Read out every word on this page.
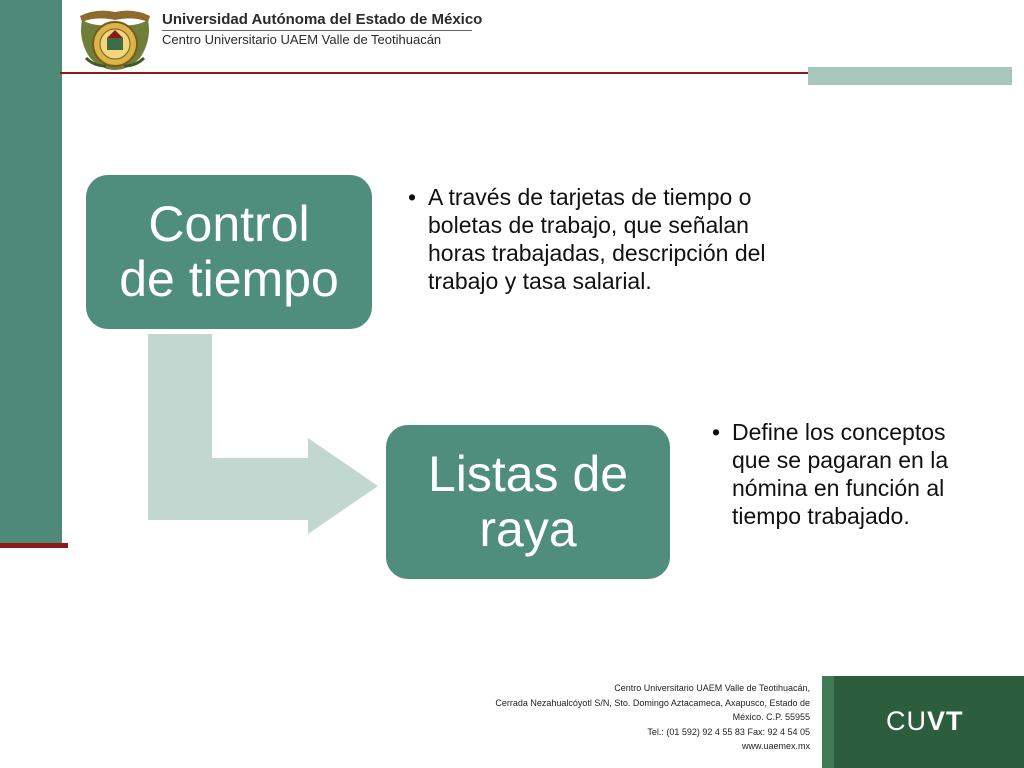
Universidad Autónoma del Estado de México
Centro Universitario UAEM Valle de Teotihuacán
Control
de tiempo
• A través de tarjetas de tiempo o boletas de trabajo, que señalan horas trabajadas, descripción del trabajo y tasa salarial.
Listas de
raya
• Define los conceptos que se pagaran en la nómina en función al tiempo trabajado.
Centro Universitario UAEM Valle de Teotihuacán,
Cerrada Nezahualcóyotl S/N, Sto. Domingo Aztacameca, Axapusco, Estado de
México. C.P. 55955
Tel.: (01 592) 92 4 55 83 Fax: 92 4 54 05
www.uaemex.mx
CUVT
